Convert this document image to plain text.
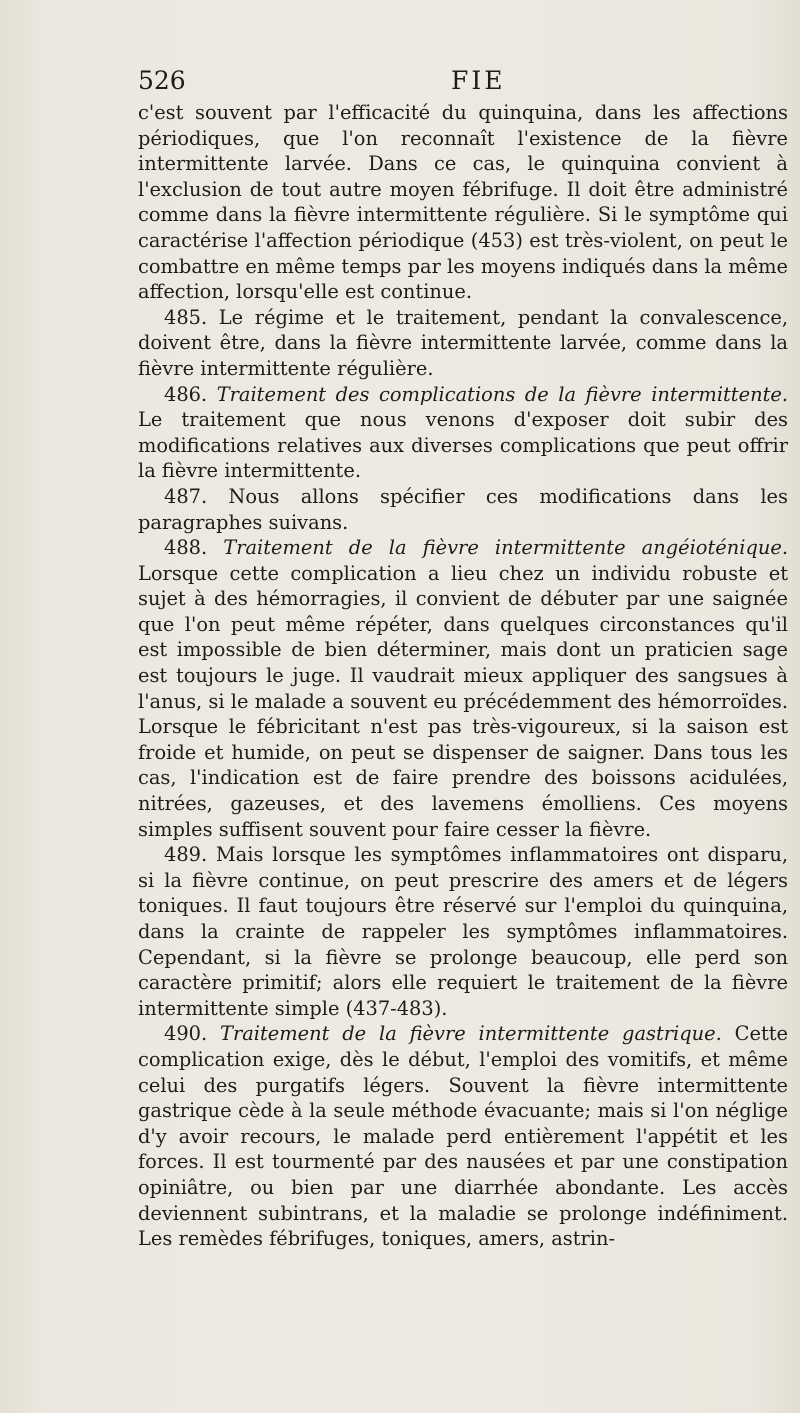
526	FIE

c'est souvent par l'efficacité du quinquina, dans les affections périodiques, que l'on reconnaît l'existence de la fièvre intermittente larvée. Dans ce cas, le quinquina convient à l'exclusion de tout autre moyen fébrifuge. Il doit être administré comme dans la fièvre intermittente régulière. Si le symptôme qui caractérise l'affection périodique (453) est très-violent, on peut le combattre en même temps par les moyens indiqués dans la même affection, lorsqu'elle est continue.

485. Le régime et le traitement, pendant la convalescence, doivent être, dans la fièvre intermittente larvée, comme dans la fièvre intermittente régulière.

486. Traitement des complications de la fièvre intermittente. Le traitement que nous venons d'exposer doit subir des modifications relatives aux diverses complications que peut offrir la fièvre intermittente.

487. Nous allons spécifier ces modifications dans les paragraphes suivans.

488. Traitement de la fièvre intermittente angéioténique. Lorsque cette complication a lieu chez un individu robuste et sujet à des hémorragies, il convient de débuter par une saignée que l'on peut même répéter, dans quelques circonstances qu'il est impossible de bien déterminer, mais dont un praticien sage est toujours le juge. Il vaudrait mieux appliquer des sangsues à l'anus, si le malade a souvent eu précédemment des hémorroïdes. Lorsque le fébricitant n'est pas très-vigoureux, si la saison est froide et humide, on peut se dispenser de saigner. Dans tous les cas, l'indication est de faire prendre des boissons acidulées, nitrées, gazeuses, et des lavemens émolliens. Ces moyens simples suffisent souvent pour faire cesser la fièvre.

489. Mais lorsque les symptômes inflammatoires ont disparu, si la fièvre continue, on peut prescrire des amers et de légers toniques. Il faut toujours être réservé sur l'emploi du quinquina, dans la crainte de rappeler les symptômes inflammatoires. Cependant, si la fièvre se prolonge beaucoup, elle perd son caractère primitif; alors elle requiert le traitement de la fièvre intermittente simple (437-483).

490. Traitement de la fièvre intermittente gastrique. Cette complication exige, dès le début, l'emploi des vomitifs, et même celui des purgatifs légers. Souvent la fièvre intermittente gastrique cède à la seule méthode évacuante; mais si l'on néglige d'y avoir recours, le malade perd entièrement l'appétit et les forces. Il est tourmenté par des nausées et par une constipation opiniâtre, ou bien par une diarrhée abondante. Les accès deviennent subintrans, et la maladie se prolonge indéfiniment. Les remèdes fébrifuges, toniques, amers, astrin-
